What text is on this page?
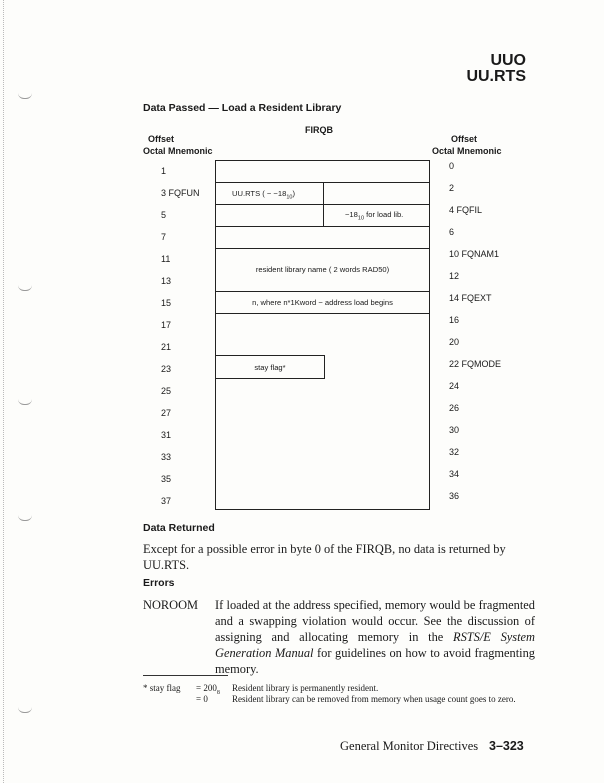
UUO
UU.RTS
Data Passed — Load a Resident Library
FIRQB
Offset
Octal Mnemonic
Offset
Octal Mnemonic
1
3 FQFUN
5
7
11
13
15
17
21
23
25
27
31
33
35
37
0
2
4 FQFIL
6
10 FQNAM1
12
14 FQEXT
16
20
22 FQMODE
24
26
30
32
34
36
UU.RTS ( − $-18_{10}$)
$-18_{10}$ for load lib.
resident library name ( 2 words RAD50)
n, where n*1Kword − address load begins
stay flag*
Data Returned
Except for a possible error in byte 0 of the FIRQB, no data is returned by UU.RTS.
Errors
NOROOM If loaded at the address specified, memory would be fragmented and a swapping violation would occur. See the discussion of assigning and allocating memory in the RSTS/E System Generation Manual for guidelines on how to avoid fragmenting memory.
* stay flag = $200_8$ Resident library is permanently resident.
= 0	Resident library can be removed from memory when usage count goes to zero.
General Monitor Directives 3–323
